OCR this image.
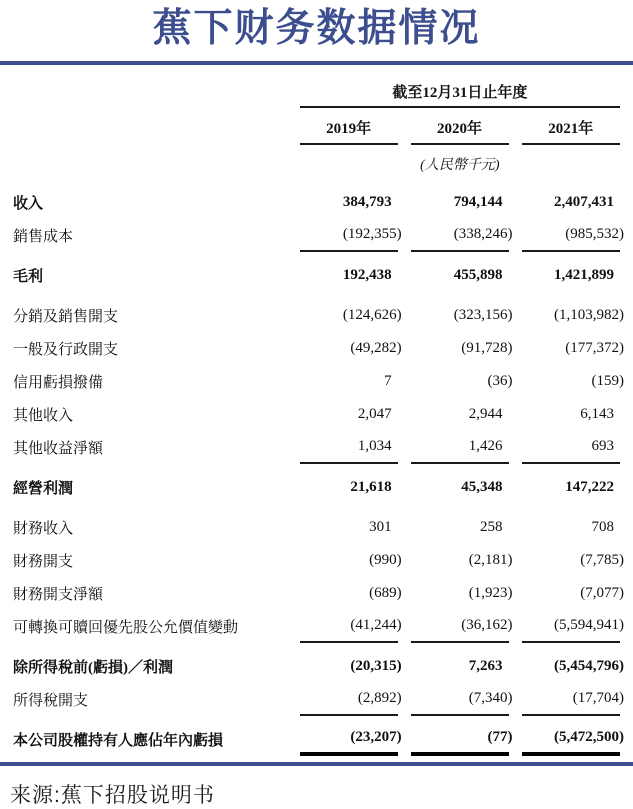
蕉下财务数据情况
	截至12月31日止年度		
	2019年	2020年	2021年
	(人民幣千元)		
收入	384,793	794,144	2,407,431
銷售成本	(192,355)	(338,246)	(985,532)

毛利	192,438	455,898	1,421,899

分銷及銷售開支	(124,626)	(323,156)	(1,103,982)
一般及行政開支	(49,282)	(91,728)	(177,372)
信用虧損撥備	7	(36)	(159)
其他收入	2,047	2,944	6,143
其他收益淨額	1,034	1,426	693

經營利潤	21,618	45,348	147,222

財務收入	301	258	708
財務開支	(990)	(2,181)	(7,785)
財務開支淨額	(689)	(1,923)	(7,077)
可轉換可贖回優先股公允價值變動	(41,244)	(36,162)	(5,594,941)

除所得稅前(虧損)／利潤	(20,315)	7,263	(5,454,796)
所得稅開支	(2,892)	(7,340)	(17,704)

本公司股權持有人應佔年內虧損	(23,207)	(77)	(5,472,500)
来源:蕉下招股说明书
